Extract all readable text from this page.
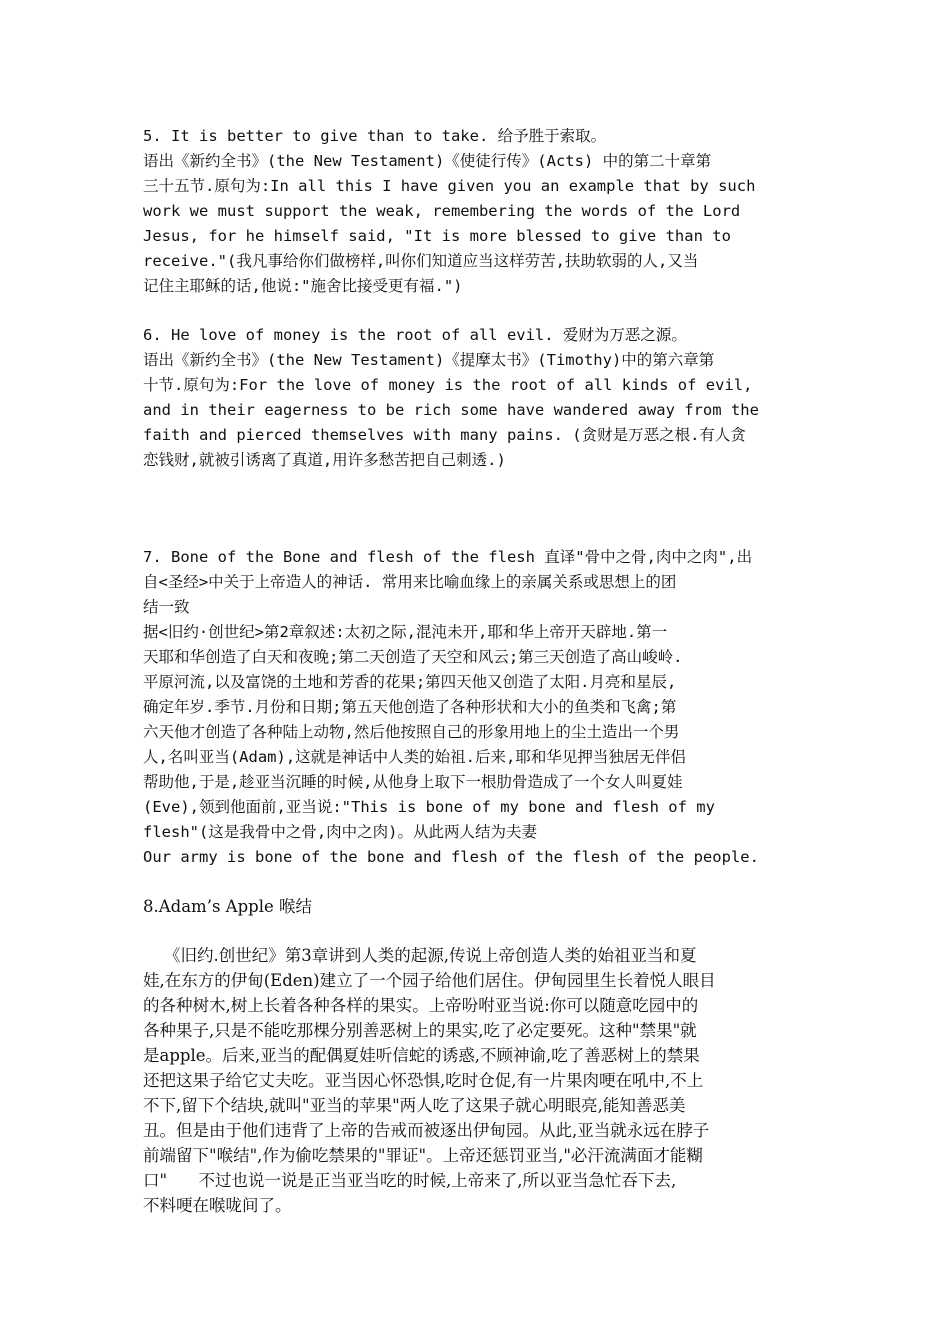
5. It is better to give than to take. 给予胜于索取。
语出《新约全书》(the New Testament)《使徒行传》(Acts) 中的第二十章第
三十五节.原句为:In all this I have given you an example that by such
work we must support the weak, remembering the words of the Lord
Jesus, for he himself said, "It is more blessed to give than to
receive."(我凡事给你们做榜样,叫你们知道应当这样劳苦,扶助软弱的人,又当
记住主耶稣的话,他说:"施舍比接受更有福.")
6. He love of money is the root of all evil. 爱财为万恶之源。
语出《新约全书》(the New Testament)《提摩太书》(Timothy)中的第六章第
十节.原句为:For the love of money is the root of all kinds of evil,
and in their eagerness to be rich some have wandered away from the
faith and pierced themselves with many pains. (贪财是万恶之根.有人贪
恋钱财,就被引诱离了真道,用许多愁苦把自己刺透.)
7. Bone of the Bone and flesh of the flesh 直译"骨中之骨,肉中之肉",出
自<圣经>中关于上帝造人的神话. 常用来比喻血缘上的亲属关系或思想上的团
结一致
据<旧约·创世纪>第2章叙述:太初之际,混沌未开,耶和华上帝开天辟地.第一
天耶和华创造了白天和夜晚;第二天创造了天空和风云;第三天创造了高山峻岭.
平原河流,以及富饶的土地和芳香的花果;第四天他又创造了太阳.月亮和星辰,
确定年岁.季节.月份和日期;第五天他创造了各种形状和大小的鱼类和飞禽;第
六天他才创造了各种陆上动物,然后他按照自己的形象用地上的尘土造出一个男
人,名叫亚当(Adam),这就是神话中人类的始祖.后来,耶和华见押当独居无伴侣
帮助他,于是,趁亚当沉睡的时候,从他身上取下一根肋骨造成了一个女人叫夏娃
(Eve),领到他面前,亚当说:"This is bone of my bone and flesh of my
flesh"(这是我骨中之骨,肉中之肉)。从此两人结为夫妻
Our army is bone of the bone and flesh of the flesh of the people.
8.Adam’s Apple 喉结
《旧约.创世纪》第3章讲到人类的起源,传说上帝创造人类的始祖亚当和夏
娃,在东方的伊甸(Eden)建立了一个园子给他们居住。伊甸园里生长着悦人眼目
的各种树木,树上长着各种各样的果实。上帝吩咐亚当说:你可以随意吃园中的
各种果子,只是不能吃那棵分别善恶树上的果实,吃了必定要死。这种"禁果"就
是apple。后来,亚当的配偶夏娃听信蛇的诱惑,不顾神谕,吃了善恶树上的禁果
还把这果子给它丈夫吃。亚当因心怀恐惧,吃时仓促,有一片果肉哽在吼中,不上
不下,留下个结块,就叫"亚当的苹果"两人吃了这果子就心明眼亮,能知善恶美
丑。但是由于他们违背了上帝的告戒而被逐出伊甸园。从此,亚当就永远在脖子
前端留下"喉结",作为偷吃禁果的"罪证"。上帝还惩罚亚当,"必汗流满面才能糊
口"      不过也说一说是正当亚当吃的时候,上帝来了,所以亚当急忙吞下去,
不料哽在喉咙间了。
